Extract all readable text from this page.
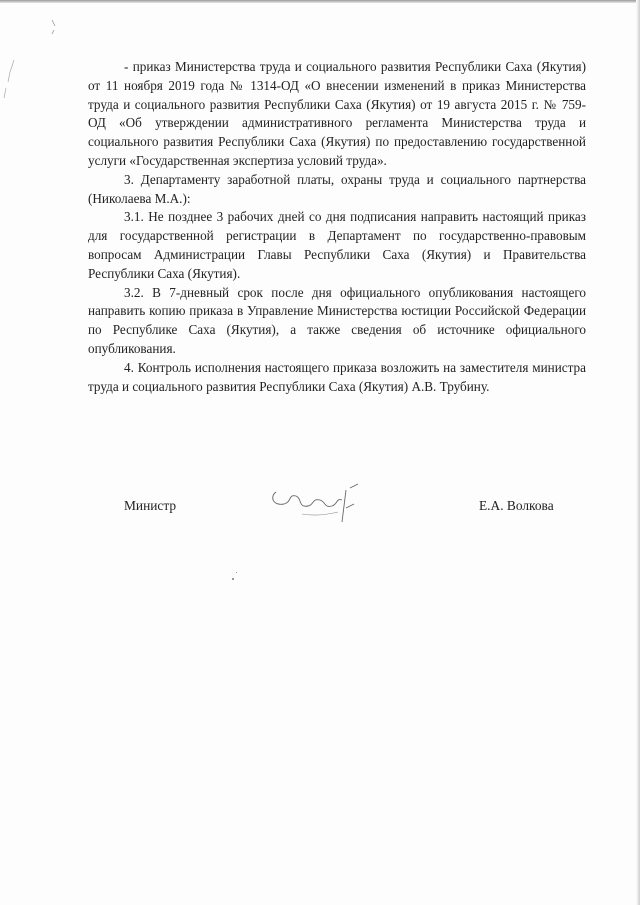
- приказ Министерства труда и социального развития Республики Саха (Якутия) от 11 ноября 2019 года № 1314-ОД «О внесении изменений в приказ Министерства труда и социального развития Республики Саха (Якутия) от 19 августа 2015 г. № 759-ОД «Об утверждении административного регламента Министерства труда и социального развития Республики Саха (Якутия) по предоставлению государственной услуги «Государственная экспертиза условий труда».

3. Департаменту заработной платы, охраны труда и социального партнерства (Николаева М.А.):

3.1. Не позднее 3 рабочих дней со дня подписания направить настоящий приказ для государственной регистрации в Департамент по государственно-правовым вопросам Администрации Главы Республики Саха (Якутия) и Правительства Республики Саха (Якутия).

3.2. В 7-дневный срок после дня официального опубликования настоящего направить копию приказа в Управление Министерства юстиции Российской Федерации по Республике Саха (Якутия), а также сведения об источнике официального опубликования.

4. Контроль исполнения настоящего приказа возложить на заместителя министра труда и социального развития Республики Саха (Якутия) А.В. Трубину.

Министр	Е.А. Волкова
